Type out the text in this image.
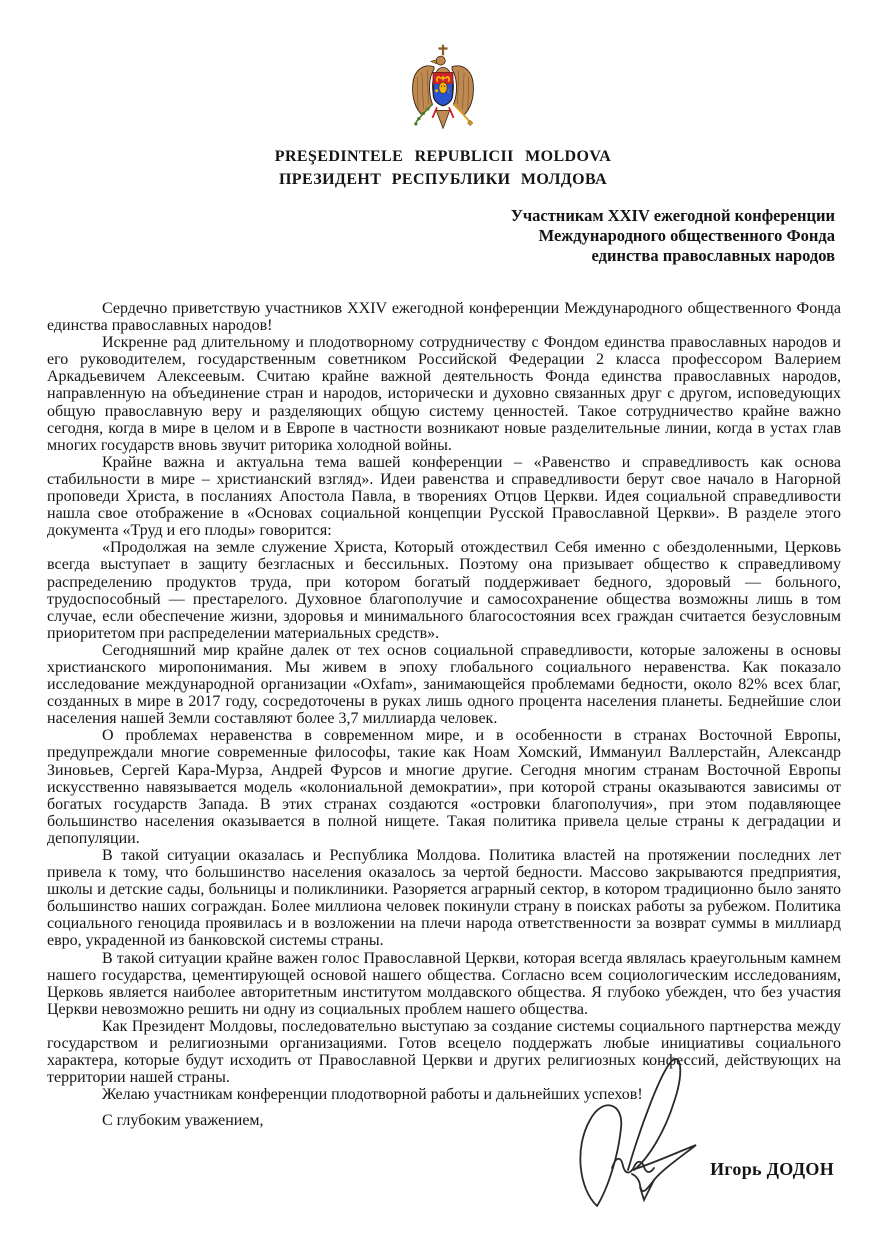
PREŞEDINTELE REPUBLICII MOLDOVA
ПРЕЗИДЕНТ РЕСПУБЛИКИ МОЛДОВА
Участникам XXIV ежегодной конференции
Международного общественного Фонда
единства православных народов

Сердечно приветствую участников XXIV ежегодной конференции Международного общественного Фонда единства православных народов!

Искренне рад длительному и плодотворному сотрудничеству с Фондом единства православных народов и его руководителем, государственным советником Российской Федерации 2 класса профессором Валерием Аркадьевичем Алексеевым. Считаю крайне важной деятельность Фонда единства православных народов, направленную на объединение стран и народов, исторически и духовно связанных друг с другом, исповедующих общую православную веру и разделяющих общую систему ценностей. Такое сотрудничество крайне важно сегодня, когда в мире в целом и в Европе в частности возникают новые разделительные линии, когда в устах глав многих государств вновь звучит риторика холодной войны.

Крайне важна и актуальна тема вашей конференции – «Равенство и справедливость как основа стабильности в мире – христианский взгляд». Идеи равенства и справедливости берут свое начало в Нагорной проповеди Христа, в посланиях Апостола Павла, в творениях Отцов Церкви. Идея социальной справедливости нашла свое отображение в «Основах социальной концепции Русской Православной Церкви». В разделе этого документа «Труд и его плоды» говорится:

«Продолжая на земле служение Христа, Который отождествил Себя именно с обездоленными, Церковь всегда выступает в защиту безгласных и бессильных. Поэтому она призывает общество к справедливому распределению продуктов труда, при котором богатый поддерживает бедного, здоровый — больного, трудоспособный — престарелого. Духовное благополучие и самосохранение общества возможны лишь в том случае, если обеспечение жизни, здоровья и минимального благосостояния всех граждан считается безусловным приоритетом при распределении материальных средств».

Сегодняшний мир крайне далек от тех основ социальной справедливости, которые заложены в основы христианского миропонимания. Мы живем в эпоху глобального социального неравенства. Как показало исследование международной организации «Oxfam», занимающейся проблемами бедности, около 82% всех благ, созданных в мире в 2017 году, сосредоточены в руках лишь одного процента населения планеты. Беднейшие слои населения нашей Земли составляют более 3,7 миллиарда человек.

О проблемах неравенства в современном мире, и в особенности в странах Восточной Европы, предупреждали многие современные философы, такие как Ноам Хомский, Иммануил Валлерстайн, Александр Зиновьев, Сергей Кара-Мурза, Андрей Фурсов и многие другие. Сегодня многим странам Восточной Европы искусственно навязывается модель «колониальной демократии», при которой страны оказываются зависимы от богатых государств Запада. В этих странах создаются «островки благополучия», при этом подавляющее большинство населения оказывается в полной нищете. Такая политика привела целые страны к деградации и депопуляции.

В такой ситуации оказалась и Республика Молдова. Политика властей на протяжении последних лет привела к тому, что большинство населения оказалось за чертой бедности. Массово закрываются предприятия, школы и детские сады, больницы и поликлиники. Разоряется аграрный сектор, в котором традиционно было занято большинство наших сограждан. Более миллиона человек покинули страну в поисках работы за рубежом. Политика социального геноцида проявилась и в возложении на плечи народа ответственности за возврат суммы в миллиард евро, украденной из банковской системы страны.

В такой ситуации крайне важен голос Православной Церкви, которая всегда являлась краеугольным камнем нашего государства, цементирующей основой нашего общества. Согласно всем социологическим исследованиям, Церковь является наиболее авторитетным институтом молдавского общества. Я глубоко убежден, что без участия Церкви невозможно решить ни одну из социальных проблем нашего общества.

Как Президент Молдовы, последовательно выступаю за создание системы социального партнерства между государством и религиозными организациями. Готов всецело поддержать любые инициативы социального характера, которые будут исходить от Православной Церкви и других религиозных конфессий, действующих на территории нашей страны.

Желаю участникам конференции плодотворной работы и дальнейших успехов!

С глубоким уважением,
Игорь ДОДОН
